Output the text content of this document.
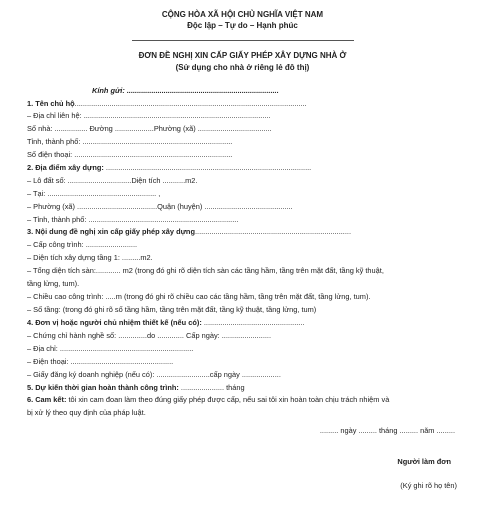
CỘNG HÒA XÃ HỘI CHỦ NGHĨA VIỆT NAM
Độc lập – Tự do – Hạnh phúc
ĐƠN ĐỀ NGHỊ XIN CẤP GIẤY PHÉP XÂY DỰNG NHÀ Ở
(Sử dụng cho nhà ở riêng lẻ đô thị)
Kính gửi: ..........................................................................
1. Tên chủ hộ.................................................................................................................
– Địa chỉ liên hệ: ...........................................................................................
Số nhà: ................ Đường ...................Phường (xã) ....................................
Tỉnh, thành phố: .........................................................................
Số điện thoại: .............................................................................
2. Địa điểm xây dựng: ....................................................................................................
– Lô đất số: ...............................Diện tích ...........m2.
– Tại: ..................................................... ,
– Phường (xã) .......................................Quận (huyện) ...........................................
– Tỉnh, thành phố: .........................................................................
3. Nội dung đề nghị xin cấp giấy phép xây dựng............................................................................
– Cấp công trình: .........................
– Diện tích xây dựng tầng 1: .........m2.
– Tổng diện tích sàn:............ m2 (trong đó ghi rõ diện tích sàn các tầng hầm, tầng trên mặt đất, tầng kỹ thuật,
tầng lửng, tum).
– Chiều cao công trình: .....m (trong đó ghi rõ chiều cao các tầng hầm, tầng trên mặt đất, tầng lửng, tum).
– Số tầng: (trong đó ghi rõ số tầng hầm, tầng trên mặt đất, tầng kỹ thuật, tầng lửng, tum)
4. Đơn vị hoặc người chủ nhiệm thiết kế (nếu có): .................................................
– Chứng chỉ hành nghề số: ..............do ............. Cấp ngày: ........................
– Địa chỉ: .................................................................
– Điện thoại: ..................................................
– Giấy đăng ký doanh nghiệp (nếu có): ..........................cấp ngày ...................
5. Dự kiến thời gian hoàn thành công trình: ..................... tháng
6. Cam kết: tôi xin cam đoan làm theo đúng giấy phép được cấp, nếu sai tôi xin hoàn toàn chịu trách nhiệm và
bị xử lý theo quy định của pháp luật.
......... ngày ......... tháng ......... năm .........
Người làm đơn
(Ký ghi rõ họ tên)
